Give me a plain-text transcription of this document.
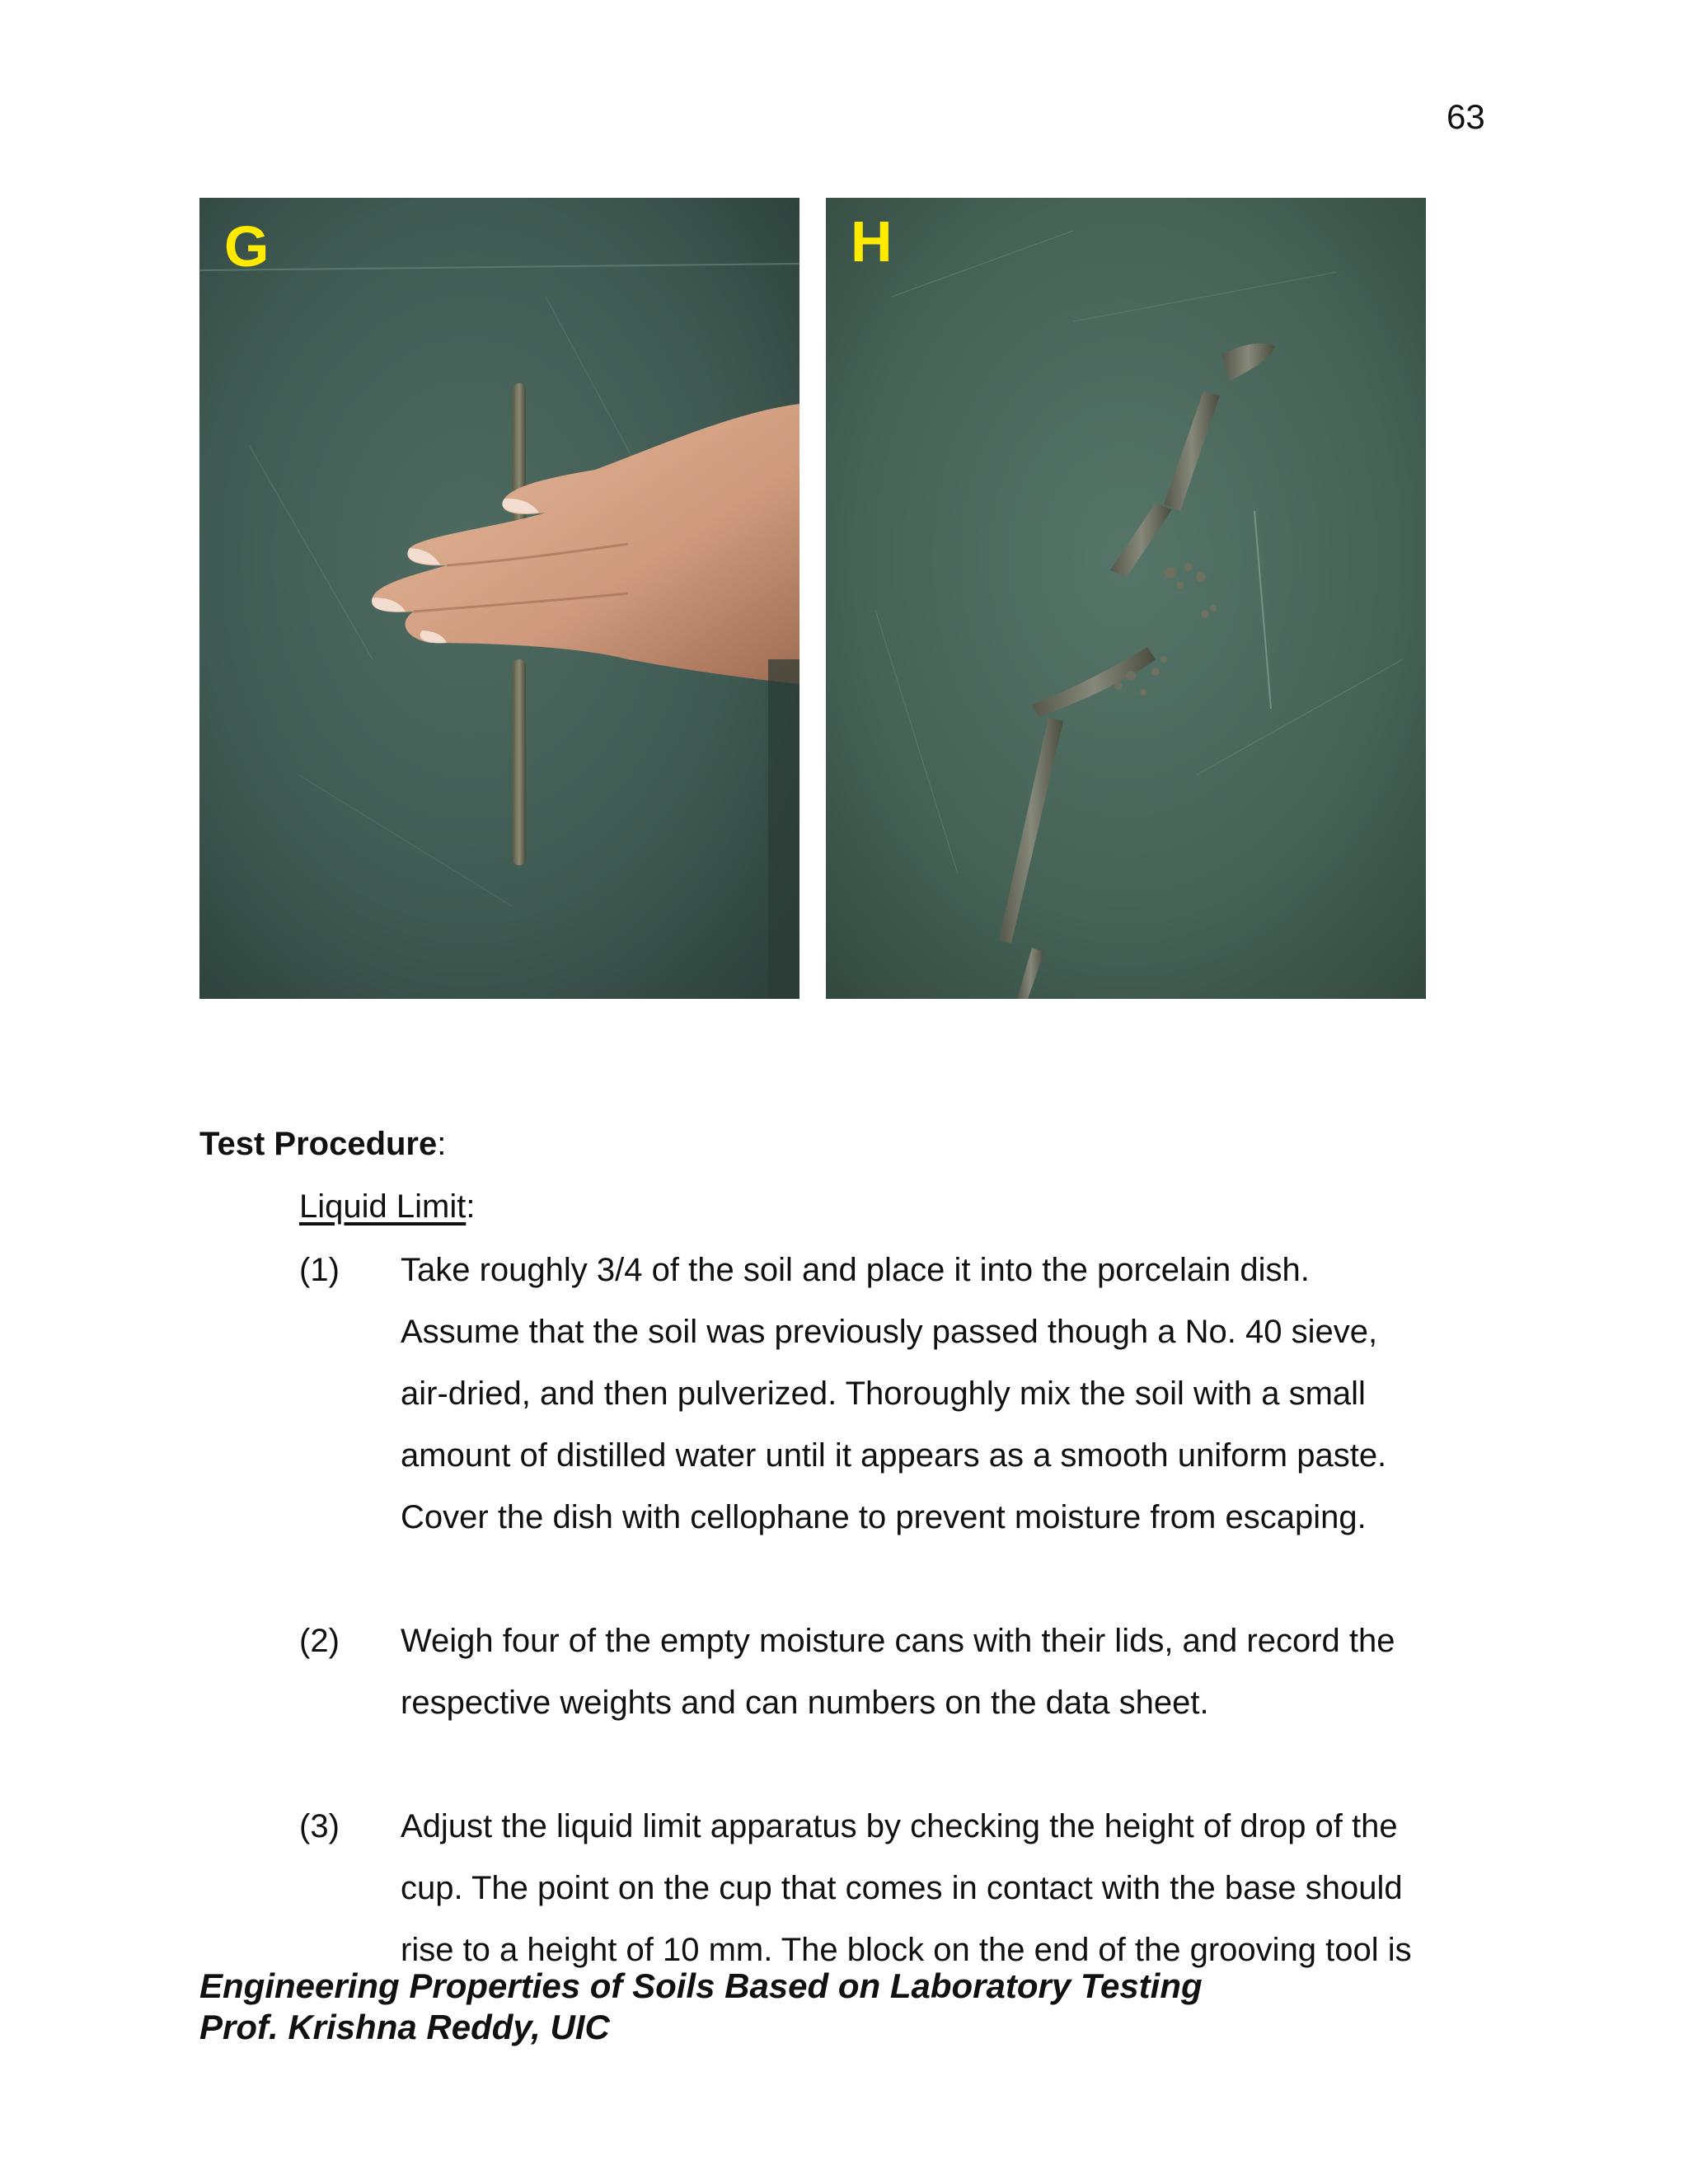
63
G	H
Test Procedure:
Liquid Limit:
(1) Take roughly 3/4 of the soil and place it into the porcelain dish.
Assume that the soil was previously passed though a No. 40 sieve,
air-dried, and then pulverized. Thoroughly mix the soil with a small
amount of distilled water until it appears as a smooth uniform paste.
Cover the dish with cellophane to prevent moisture from escaping.
(2) Weigh four of the empty moisture cans with their lids, and record the
respective weights and can numbers on the data sheet.
(3) Adjust the liquid limit apparatus by checking the height of drop of the
cup. The point on the cup that comes in contact with the base should
rise to a height of 10 mm. The block on the end of the grooving tool is
Engineering Properties of Soils Based on Laboratory Testing
Prof. Krishna Reddy, UIC
